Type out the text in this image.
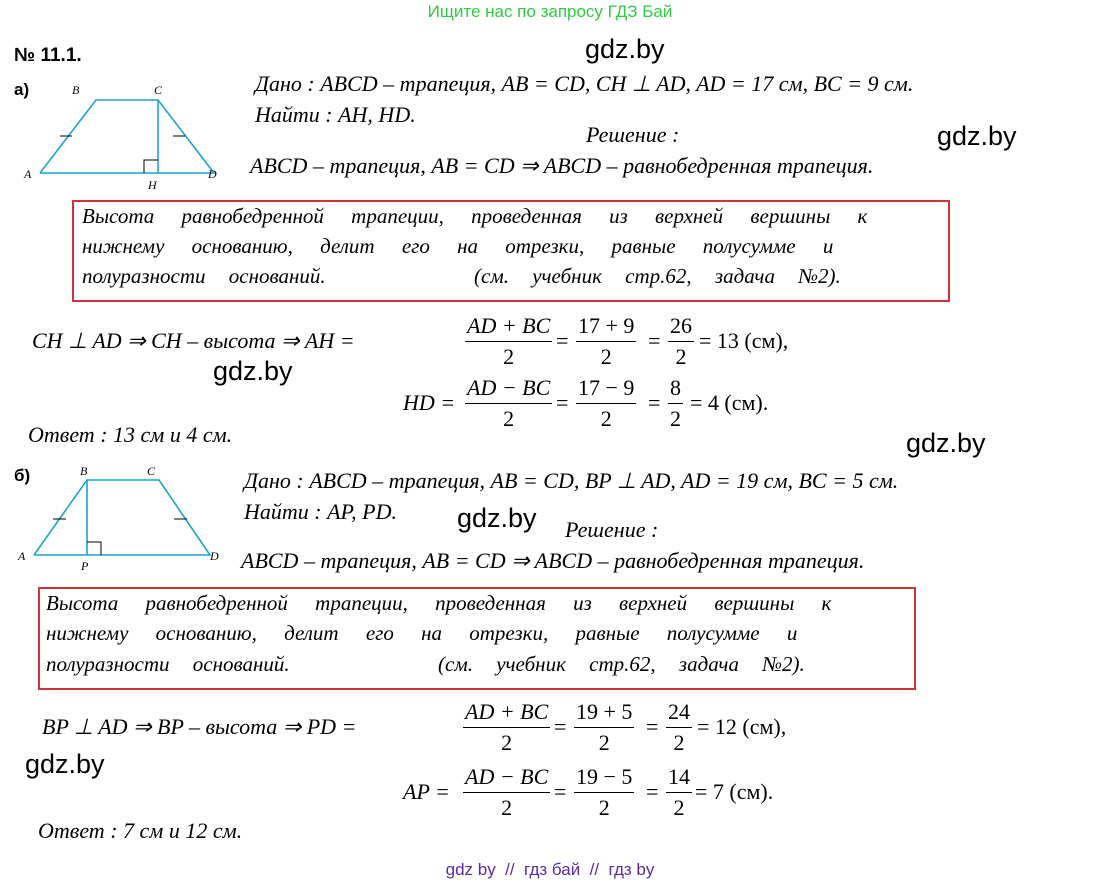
Ищите нас по запросу ГДЗ Бай
gdz.by
gdz.by
gdz.by
gdz.by
gdz.by
gdz.by
№ 11.1.
а)
A
B	C
D
H
Дано : ABCD – трапеция, AB = CD, CH ⊥ AD, AD = 17 см, BC = 9 см.
Найти : AH, HD.
Решение :
ABCD – трапеция, AB = CD ⇒ ABCD – равнобедренная трапеция.
Высота равнобедренной трапеции, проведенная из верхней вершины к
нижнему основанию, делит его на отрезки, равные полусумме и
полуразности оснований.	(см. учебник стр.62, задача №2).
CH ⊥ AD ⇒ CH – высота ⇒ AH =	$\frac{AD + BC}{2} = \frac{17 + 9}{2} = \frac{26}{2} = 13$ (см),
HD = $\frac{AD - BC}{2} = \frac{17 - 9}{2} = \frac{8}{2} = 4$ (см).
Ответ : 13 см и 4 см.
б)
A
B	C
D
P
Дано : ABCD – трапеция, AB = CD, BP ⊥ AD, AD = 19 см, BC = 5 см.
Найти : AP, PD.
Решение :
ABCD – трапеция, AB = CD ⇒ ABCD – равнобедренная трапеция.
Высота равнобедренной трапеции, проведенная из верхней вершины к
нижнему основанию, делит его на отрезки, равные полусумме и
полуразности оснований.	(см. учебник стр.62, задача №2).
BP ⊥ AD ⇒ BP – высота ⇒ PD =	$\frac{AD + BC}{2} = \frac{19 + 5}{2} = \frac{24}{2} = 12$ (см),
AP = $\frac{AD - BC}{2} = \frac{19 - 5}{2} = \frac{14}{2} = 7$ (см).
Ответ : 7 см и 12 см.
gdz by  //  гдз бай  //  гдз by
